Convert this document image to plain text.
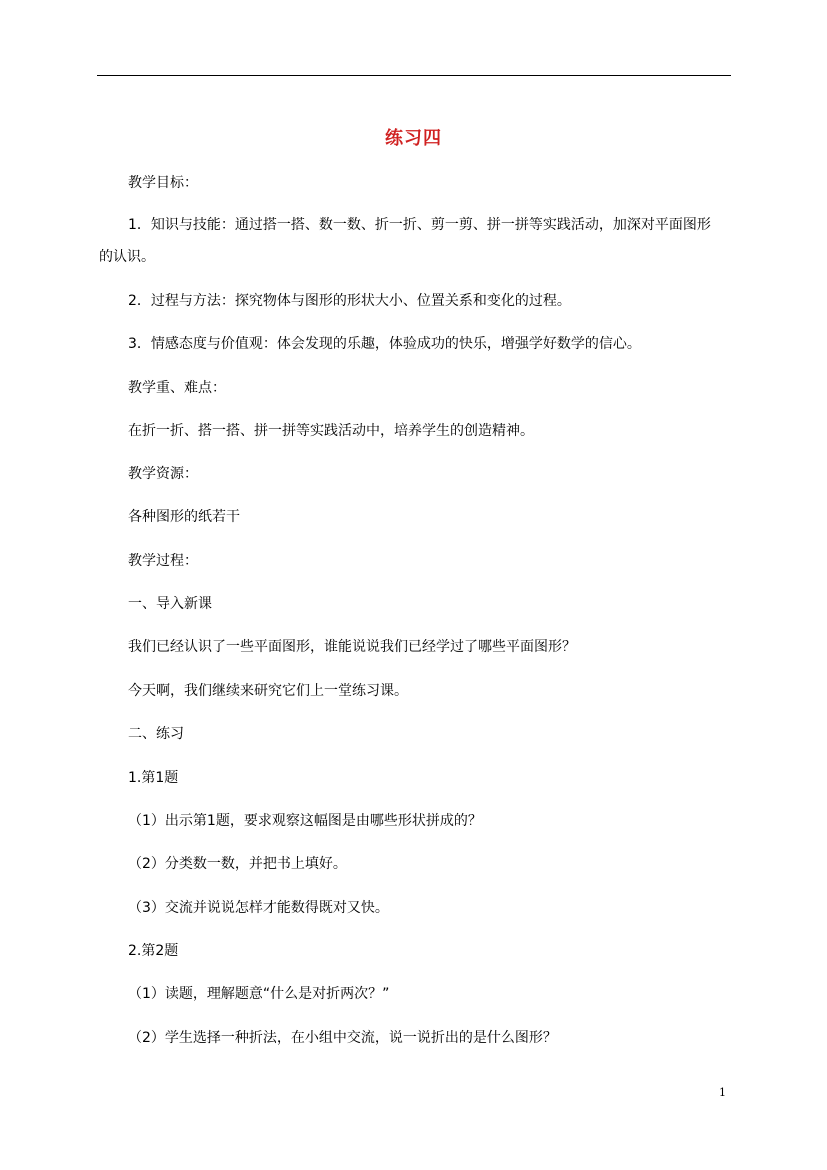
练习四
教学目标：
1．知识与技能：通过搭一搭、数一数、折一折、剪一剪、拼一拼等实践活动，加深对平面图形
的认识。
2．过程与方法：探究物体与图形的形状大小、位置关系和变化的过程。
3．情感态度与价值观：体会发现的乐趣，体验成功的快乐，增强学好数学的信心。
教学重、难点：
在折一折、搭一搭、拼一拼等实践活动中，培养学生的创造精神。
教学资源：
各种图形的纸若干
教学过程：
一、导入新课
我们已经认识了一些平面图形，谁能说说我们已经学过了哪些平面图形？
今天啊，我们继续来研究它们上一堂练习课。
二、练习
1.第1题
（1）出示第1题，要求观察这幅图是由哪些形状拼成的？
（2）分类数一数，并把书上填好。
（3）交流并说说怎样才能数得既对又快。
2.第2题
（1）读题，理解题意“什么是对折两次？”
（2）学生选择一种折法，在小组中交流，说一说折出的是什么图形？
1
